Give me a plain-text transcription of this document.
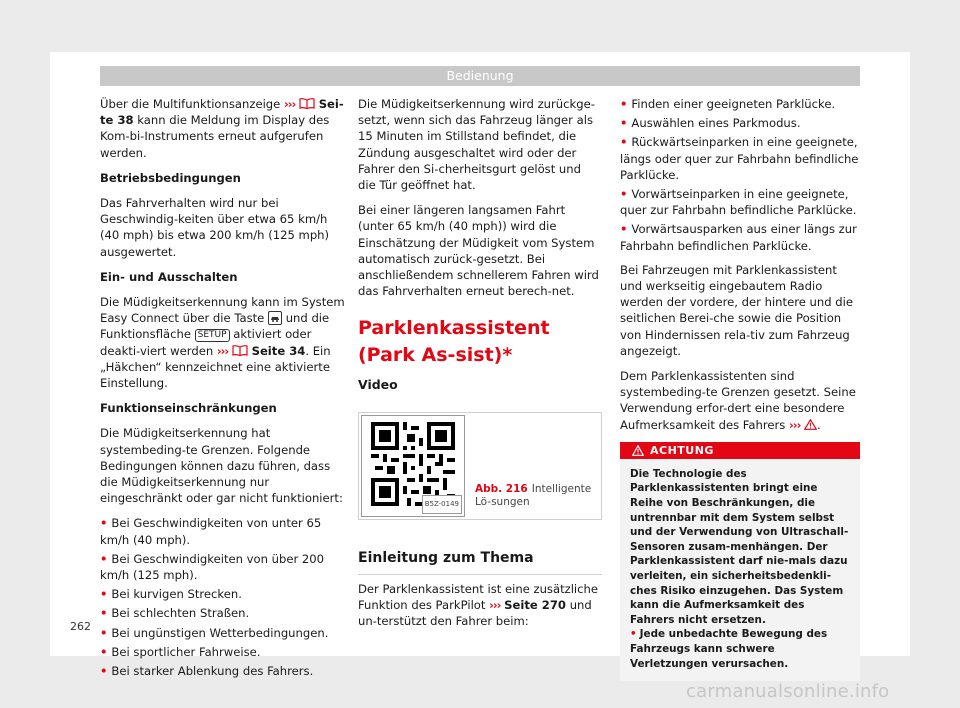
Bedienung

Über die Multifunktionsanzeige ››› Sei-te 38 kann die Meldung im Display des Kom-bi-Instruments erneut aufgerufen werden.

Betriebsbedingungen

Das Fahrverhalten wird nur bei Geschwindig-keiten über etwa 65 km/h (40 mph) bis etwa 200 km/h (125 mph) ausgewertet.

Ein- und Ausschalten

Die Müdigkeitserkennung kann im System Easy Connect über die Taste und die Funktionsfläche SETUP aktiviert oder deakti-viert werden ››› Seite 34. Ein „Häkchen“ kennzeichnet eine aktivierte Einstellung.

Funktionseinschränkungen

Die Müdigkeitserkennung hat systembeding-te Grenzen. Folgende Bedingungen können dazu führen, dass die Müdigkeitserkennung nur eingeschränkt oder gar nicht funktioniert:

• Bei Geschwindigkeiten von unter 65 km/h (40 mph).
• Bei Geschwindigkeiten von über 200 km/h (125 mph).
• Bei kurvigen Strecken.
• Bei schlechten Straßen.
• Bei ungünstigen Wetterbedingungen.
• Bei sportlicher Fahrweise.
• Bei starker Ablenkung des Fahrers.

Die Müdigkeitserkennung wird zurückge-setzt, wenn sich das Fahrzeug länger als 15 Minuten im Stillstand befindet, die Zündung ausgeschaltet wird oder der Fahrer den Si-cherheitsgurt gelöst und die Tür geöffnet hat.

Bei einer längeren langsamen Fahrt (unter 65 km/h (40 mph)) wird die Einschätzung der Müdigkeit vom System automatisch zurück-gesetzt. Bei anschließendem schnellerem Fahren wird das Fahrverhalten erneut berech-net.

Parklenkassistent (Park As-sist)*
Video
B5Z-0149
Abb. 216 Intelligente Lö-sungen
Einleitung zum Thema

Der Parklenkassistent ist eine zusätzliche Funktion des ParkPilot ››› Seite 270 und un-terstützt den Fahrer beim:

• Finden einer geeigneten Parklücke.
• Auswählen eines Parkmodus.
• Rückwärtseinparken in eine geeignete, längs oder quer zur Fahrbahn befindliche Parklücke.
• Vorwärtseinparken in eine geeignete, quer zur Fahrbahn befindliche Parklücke.
• Vorwärtsausparken aus einer längs zur Fahrbahn befindlichen Parklücke.

Bei Fahrzeugen mit Parklenkassistent und werkseitig eingebautem Radio werden der vordere, der hintere und die seitlichen Berei-che sowie die Position von Hindernissen rela-tiv zum Fahrzeug angezeigt.

Dem Parklenkassistenten sind systembeding-te Grenzen gesetzt. Seine Verwendung erfor-dert eine besondere Aufmerksamkeit des Fahrers ››› .

ACHTUNG

Die Technologie des Parklenkassistenten bringt eine Reihe von Beschränkungen, die untrennbar mit dem System selbst und der Verwendung von Ultraschall-Sensoren zusam-menhängen. Der Parklenkassistent darf nie-mals dazu verleiten, ein sicherheitsbedenkli-ches Risiko einzugehen. Das System kann die Aufmerksamkeit des Fahrers nicht ersetzen.

• Jede unbedachte Bewegung des Fahrzeugs kann schwere Verletzungen verursachen.

262
carmanualsonline.info
